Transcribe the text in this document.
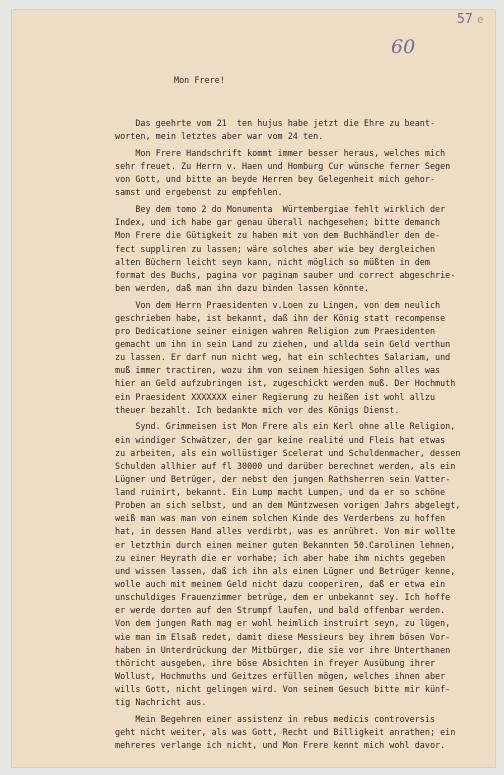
57 e
60

Mon Frere!

Das geehrte vom 21  ten hujus habe jetzt die Ehre zu beant-
worten, mein letztes aber war vom 24 ten.
Mon Frere Handschrift kommt immer besser heraus, welches mich
sehr freuet. Zu Herrn v. Haen und Homburg Cur wünsche ferner Segen
von Gott, und bitte an beyde Herren bey Gelegenheit mich gehor-
samst und ergebenst zu empfehlen.
Bey dem tomo 2 do Monumenta  Würtembergiae fehlt wirklich der
Index, und ich habe gar genau überall nachgesehen; bitte demanch
Mon Frere die Gütigkeit zu haben mit von dem Buchhändler den de-
fect suppliren zu lassen; wäre solches aber wie bey dergleichen
alten Büchern leicht seyn kann, nicht möglich so müßten in dem
format des Buchs, pagina vor paginam sauber und correct abgeschrie-
ben werden, daß man ihn dazu binden lassen könnte.
Von dem Herrn Praesidenten v.Loen zu Lingen, von dem neulich
geschrieben habe, ist bekannt, daß ihn der König statt recompense
pro Dedicatione seiner einigen wahren Religion zum Praesidenten
gemacht um ihn in sein Land zu ziehen, und allda sein Geld verthun
zu lassen. Er darf nun nicht weg, hat ein schlechtes Salariam, und
muß immer tractiren, wozu ihm von seinem hiesigen Sohn alles was
hier an Geld aufzubringen ist, zugeschickt werden muß. Der Hochmuth
ein Praesident XXXXXXX einer Regierung zu heißen ist wohl allzu
theuer bezahlt. Ich bedankte mich vor des Königs Dienst.
Synd. Grimmeisen ist Mon Frere als ein Kerl ohne alle Religion,
ein windiger Schwätzer, der gar keine realité und Fleis hat etwas
zu arbeiten, als ein wollüstiger Scelerat und Schuldenmacher, dessen
Schulden allhier auf fl 30000 und darüber berechnet werden, als ein
Lügner und Betrüger, der nebst den jungen Rathsherren sein Vatter-
land ruinirt, bekannt. Ein Lump macht Lumpen, und da er so schöne
Proben an sich selbst, und an dem Müntzwesen vorigen Jahrs abgelegt,
weiß man was man von einem solchen Kinde des Verderbens zu hoffen
hat, in dessen Hand alles verdirbt, was es anrühret. Von mir wollte
er letzthin durch einen meiner guten Bekannten 50.Carolinen lehnen,
zu einer Heyrath die er vorhabe; ich aber habe ihm nichts gegeben
und wissen lassen, daß ich ihn als einen Lügner und Betrüger kenne,
wolle auch mit meinem Geld nicht dazu cooperiren, daß er etwa ein
unschuldiges Frauenzimmer betrüge, dem er unbekannt sey. Ich hoffe
er werde dorten auf den Strumpf laufen, und bald offenbar werden.
Von dem jungen Rath mag er wohl heimlich instruirt seyn, zu lügen,
wie man im Elsaß redet, damit diese Messieurs bey ihrem bösen Vor-
haben in Unterdrückung der Mitbürger, die sie vor ihre Unterthanen
thöricht ausgeben, ihre böse Absichten in freyer Ausübung ihrer
Wollust, Hochmuths und Geitzes erfüllen mögen, welches ihnen aber
wills Gott, nicht gelingen wird. Von seinem Gesuch bitte mir künf-
tig Nachricht aus.
Mein Begehren einer assistenz in rebus medicis controversis
geht nicht weiter, als was Gott, Recht und Billigkeit anrathen; ein
mehreres verlange ich nicht, und Mon Frere kennt mich wohl davor.
